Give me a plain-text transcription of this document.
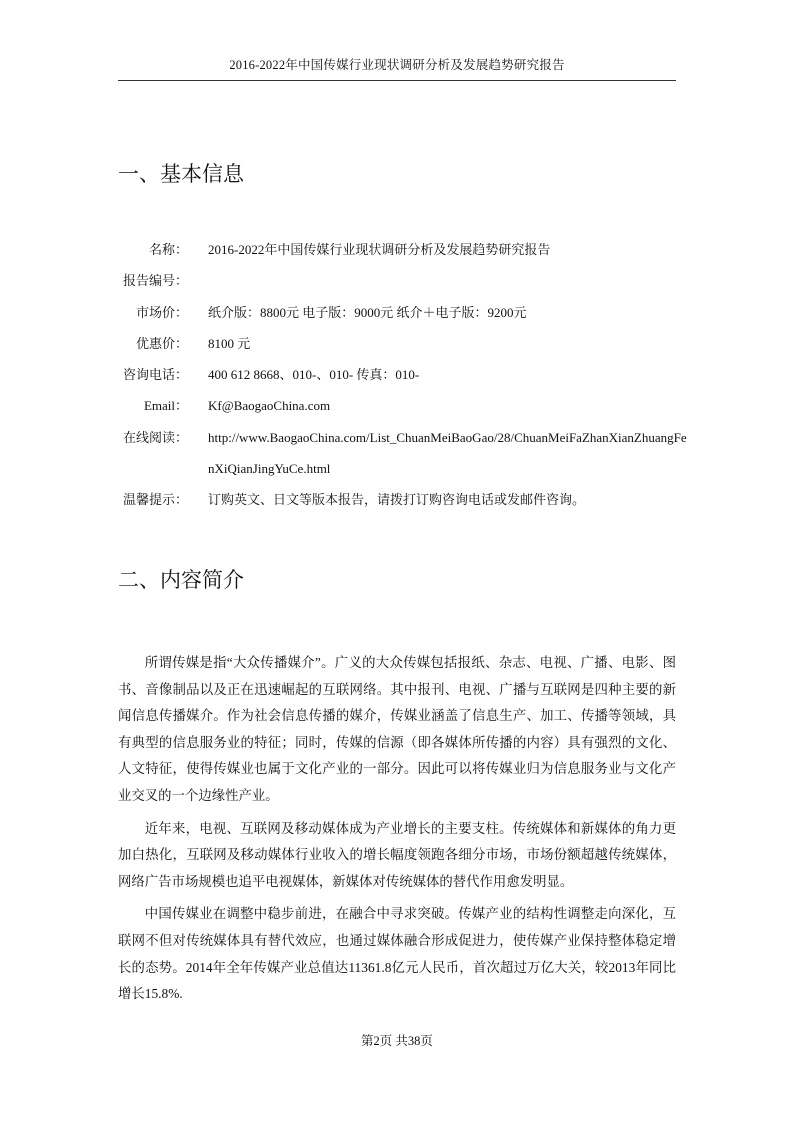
2016-2022年中国传媒行业现状调研分析及发展趋势研究报告
一、基本信息
名称： 2016-2022年中国传媒行业现状调研分析及发展趋势研究报告
报告编号：
市场价： 纸介版：8800元 电子版：9000元 纸介＋电子版：9200元
优惠价： 8100 元
咨询电话： 400 612 8668、010-、010- 传真：010-
Email： Kf@BaogaoChina.com
在线阅读： http://www.BaogaoChina.com/List_ChuanMeiBaoGao/28/ChuanMeiFaZhanXianZhuangFenXiQianJingYuCe.html
温馨提示： 订购英文、日文等版本报告，请拨打订购咨询电话或发邮件咨询。
二、内容简介

所谓传媒是指“大众传播媒介”。广义的大众传媒包括报纸、杂志、电视、广播、电影、图书、音像制品以及正在迅速崛起的互联网络。其中报刊、电视、广播与互联网是四种主要的新闻信息传播媒介。作为社会信息传播的媒介，传媒业涵盖了信息生产、加工、传播等领域，具有典型的信息服务业的特征；同时，传媒的信源（即各媒体所传播的内容）具有强烈的文化、人文特征，使得传媒业也属于文化产业的一部分。因此可以将传媒业归为信息服务业与文化产业交叉的一个边缘性产业。

近年来，电视、互联网及移动媒体成为产业增长的主要支柱。传统媒体和新媒体的角力更加白热化，互联网及移动媒体行业收入的增长幅度领跑各细分市场，市场份额超越传统媒体，网络广告市场规模也追平电视媒体，新媒体对传统媒体的替代作用愈发明显。

中国传媒业在调整中稳步前进，在融合中寻求突破。传媒产业的结构性调整走向深化，互联网不但对传统媒体具有替代效应，也通过媒体融合形成促进力，使传媒产业保持整体稳定增长的态势。2014年全年传媒产业总值达11361.8亿元人民币，首次超过万亿大关，较2013年同比增长15.8%.

第2页 共38页
